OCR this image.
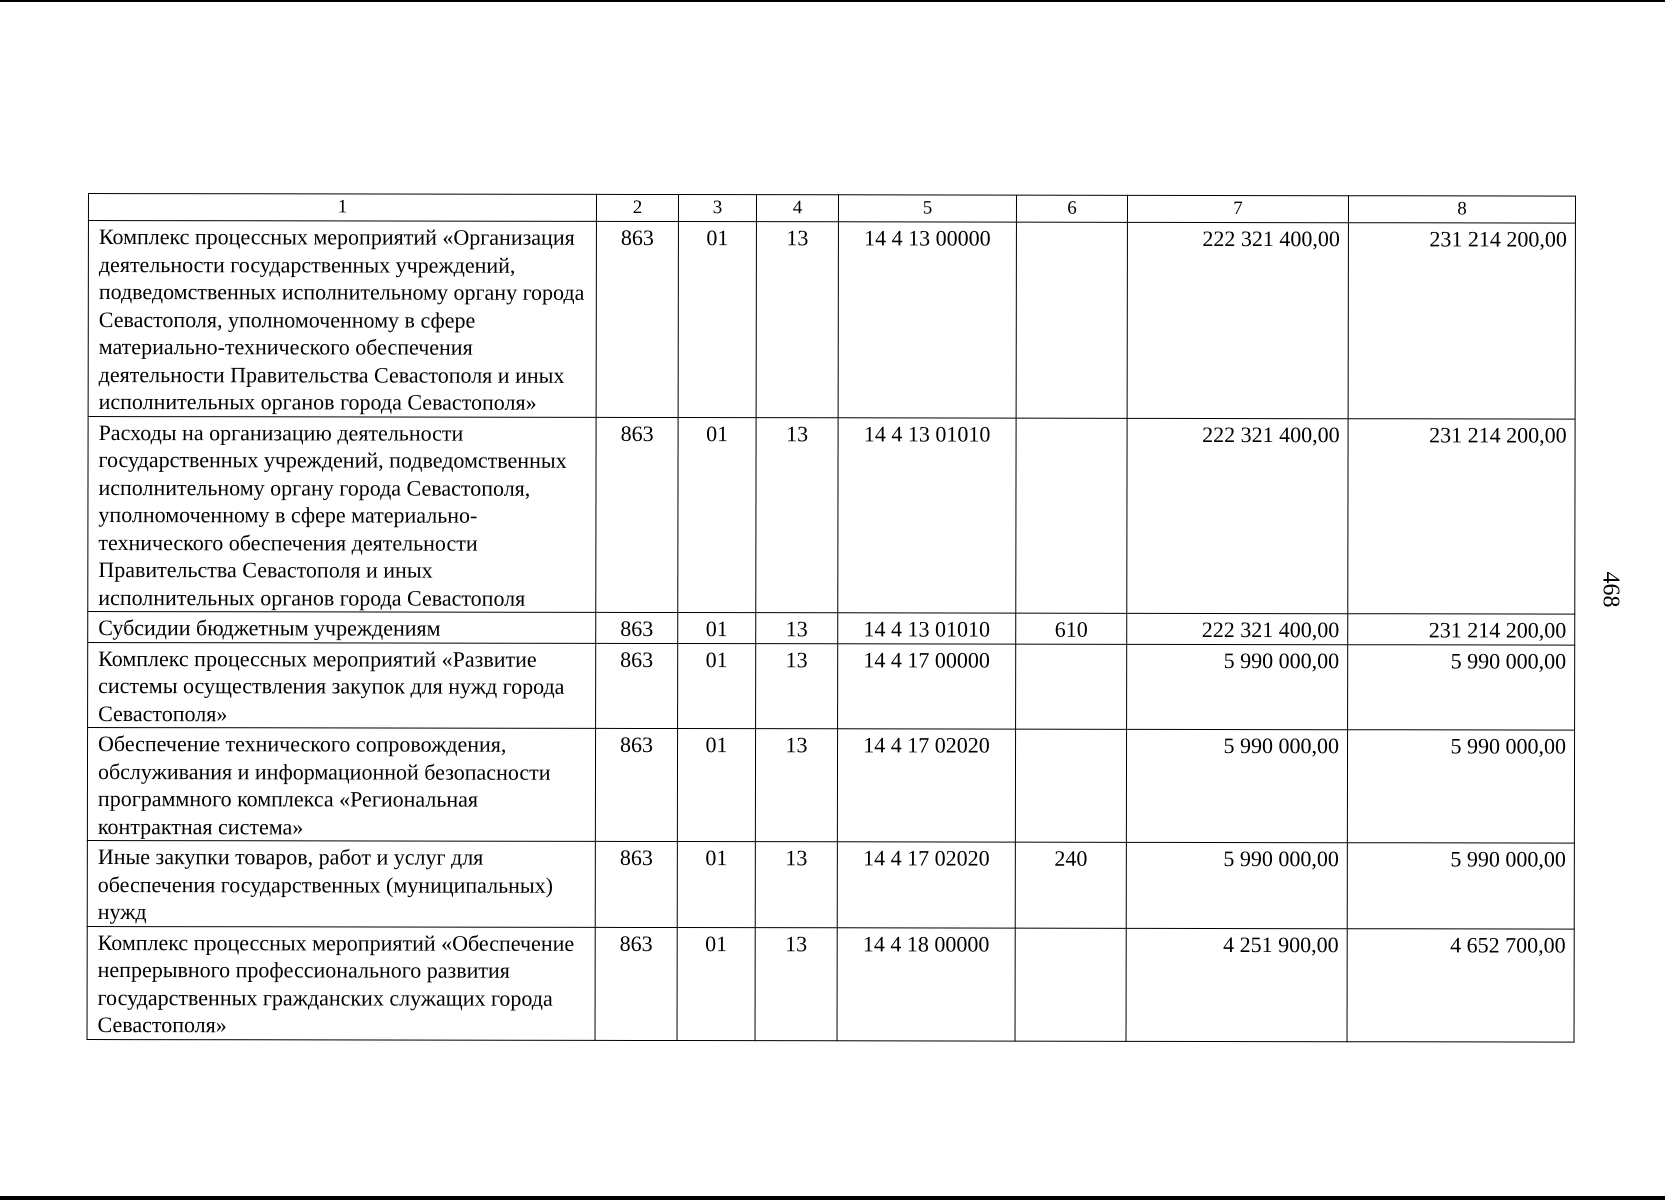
1	2	3	4	5	6	7	8
Комплекс процессных мероприятий «Организация деятельности государственных учреждений, подведомственных исполнительному органу города Севастополя, уполномоченному в сфере материально-технического обеспечения деятельности Правительства Севастополя и иных исполнительных органов города Севастополя»	863	01	13	14 4 13 00000		222 321 400,00	231 214 200,00
Расходы на организацию деятельности государственных учреждений, подведомственных исполнительному органу города Севастополя, уполномоченному в сфере материально-технического обеспечения деятельности Правительства Севастополя и иных исполнительных органов города Севастополя	863	01	13	14 4 13 01010		222 321 400,00	231 214 200,00
Субсидии бюджетным учреждениям	863	01	13	14 4 13 01010	610	222 321 400,00	231 214 200,00
Комплекс процессных мероприятий «Развитие системы осуществления закупок для нужд города Севастополя»	863	01	13	14 4 17 00000		5 990 000,00	5 990 000,00
Обеспечение технического сопровождения, обслуживания и информационной безопасности программного комплекса «Региональная контрактная система»	863	01	13	14 4 17 02020		5 990 000,00	5 990 000,00
Иные закупки товаров, работ и услуг для обеспечения государственных (муниципальных) нужд	863	01	13	14 4 17 02020	240	5 990 000,00	5 990 000,00
Комплекс процессных мероприятий «Обеспечение непрерывного профессионального развития государственных гражданских служащих города Севастополя»	863	01	13	14 4 18 00000		4 251 900,00	4 652 700,00
468
